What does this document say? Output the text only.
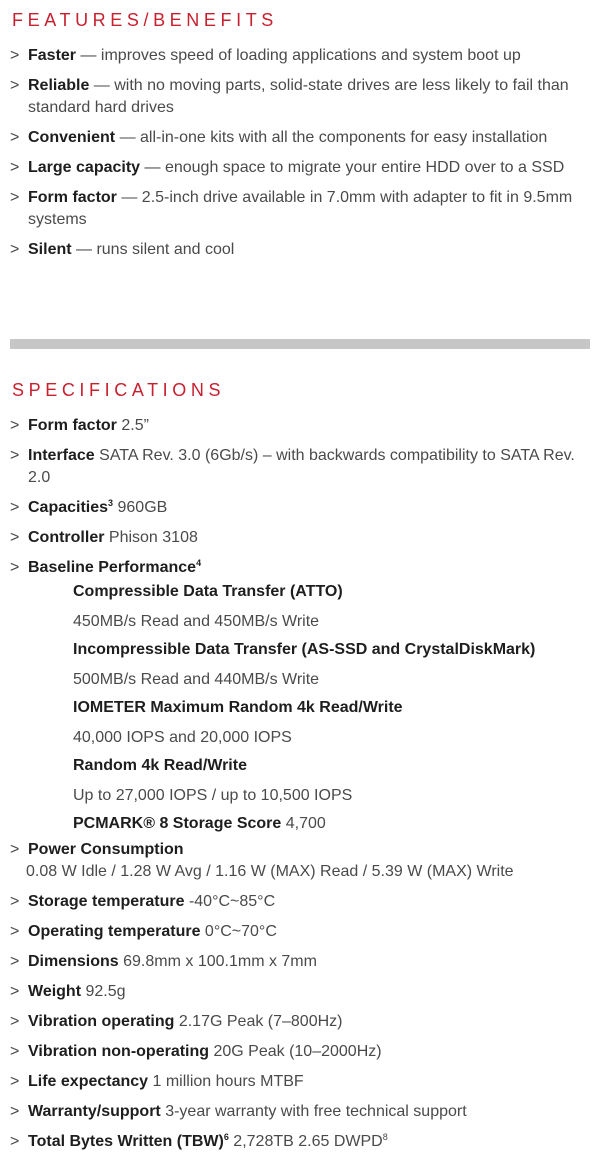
FEATURES/BENEFITS
> Faster — improves speed of loading applications and system boot up
> Reliable — with no moving parts, solid-state drives are less likely to fail than standard hard drives
> Convenient — all-in-one kits with all the components for easy installation
> Large capacity — enough space to migrate your entire HDD over to a SSD
> Form factor — 2.5-inch drive available in 7.0mm with adapter to fit in 9.5mm systems
> Silent — runs silent and cool
SPECIFICATIONS
> Form factor 2.5”
> Interface SATA Rev. 3.0 (6Gb/s) – with backwards compatibility to SATA Rev. 2.0
> Capacities$^3$ 960GB
> Controller Phison 3108
> Baseline Performance$^4$
Compressible Data Transfer (ATTO)
450MB/s Read and 450MB/s Write
Incompressible Data Transfer (AS-SSD and CrystalDiskMark)
500MB/s Read and 440MB/s Write
IOMETER Maximum Random 4k Read/Write
40,000 IOPS and 20,000 IOPS
Random 4k Read/Write
Up to 27,000 IOPS / up to 10,500 IOPS
PCMARK® 8 Storage Score 4,700
> Power Consumption
0.08 W Idle / 1.28 W Avg / 1.16 W (MAX) Read / 5.39 W (MAX) Write
> Storage temperature -40°C~85°C
> Operating temperature 0°C~70°C
> Dimensions 69.8mm x 100.1mm x 7mm
> Weight 92.5g
> Vibration operating 2.17G Peak (7–800Hz)
> Vibration non-operating 20G Peak (10–2000Hz)
> Life expectancy 1 million hours MTBF
> Warranty/support 3-year warranty with free technical support
> Total Bytes Written (TBW)$^6$ 2,728TB 2.65 DWPD$^8$
